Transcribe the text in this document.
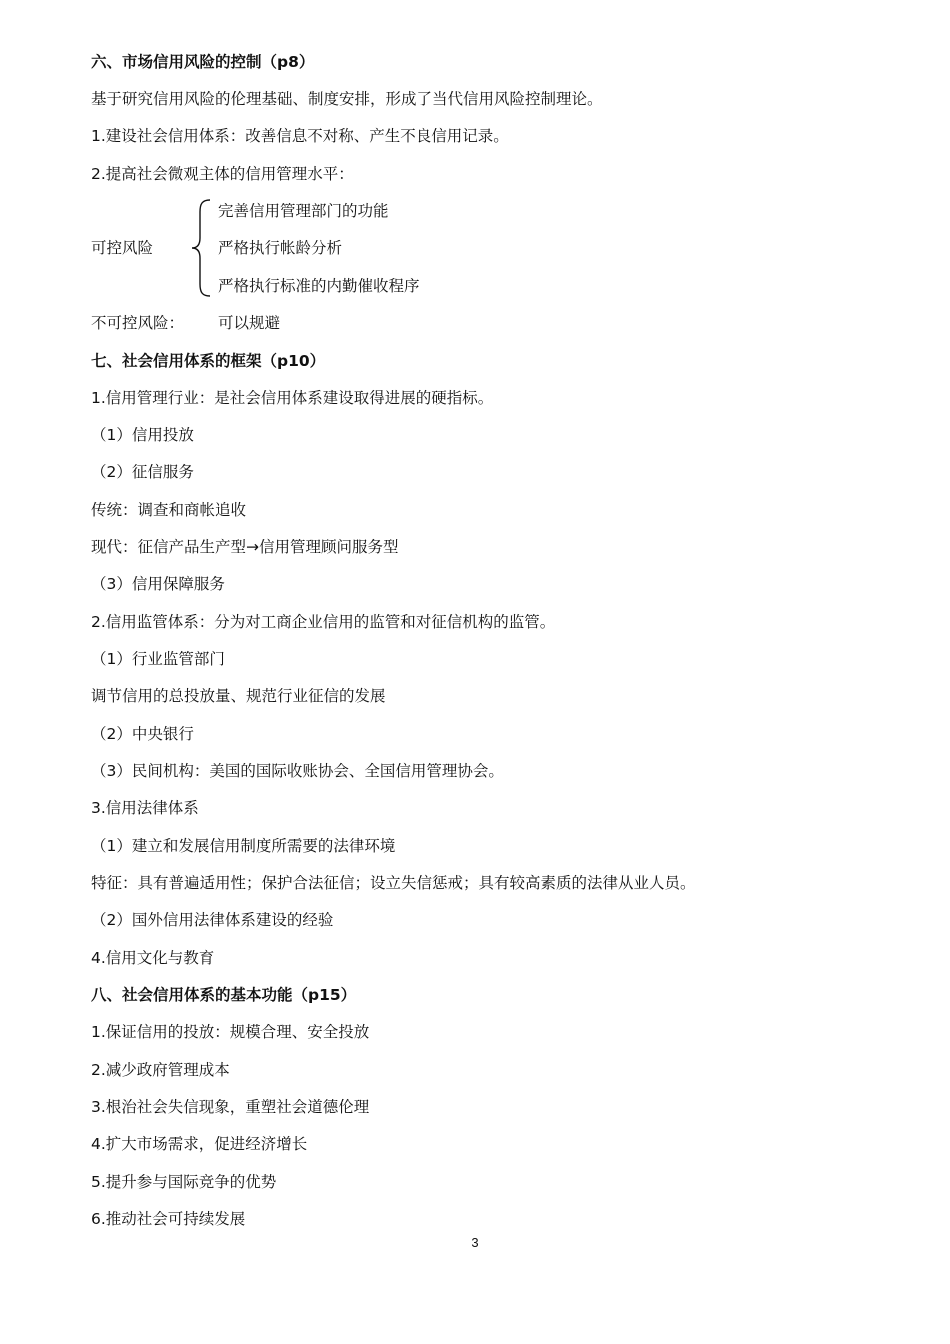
六、市场信用风险的控制（p8）
基于研究信用风险的伦理基础、制度安排，形成了当代信用风险控制理论。
1.建设社会信用体系：改善信息不对称、产生不良信用记录。
2.提高社会微观主体的信用管理水平：
完善信用管理部门的功能
可控风险	严格执行帐龄分析
严格执行标准的内勤催收程序
不可控风险： 可以规避
七、社会信用体系的框架（p10）
1.信用管理行业：是社会信用体系建设取得进展的硬指标。
（1）信用投放
（2）征信服务
传统：调查和商帐追收
现代：征信产品生产型→信用管理顾问服务型
（3）信用保障服务
2.信用监管体系：分为对工商企业信用的监管和对征信机构的监管。
（1）行业监管部门
调节信用的总投放量、规范行业征信的发展
（2）中央银行
（3）民间机构：美国的国际收账协会、全国信用管理协会。
3.信用法律体系
（1）建立和发展信用制度所需要的法律环境
特征：具有普遍适用性；保护合法征信；设立失信惩戒；具有较高素质的法律从业人员。
（2）国外信用法律体系建设的经验
4.信用文化与教育
八、社会信用体系的基本功能（p15）
1.保证信用的投放：规模合理、安全投放
2.减少政府管理成本
3.根治社会失信现象，重塑社会道德伦理
4.扩大市场需求，促进经济增长
5.提升参与国际竞争的优势
6.推动社会可持续发展
3
